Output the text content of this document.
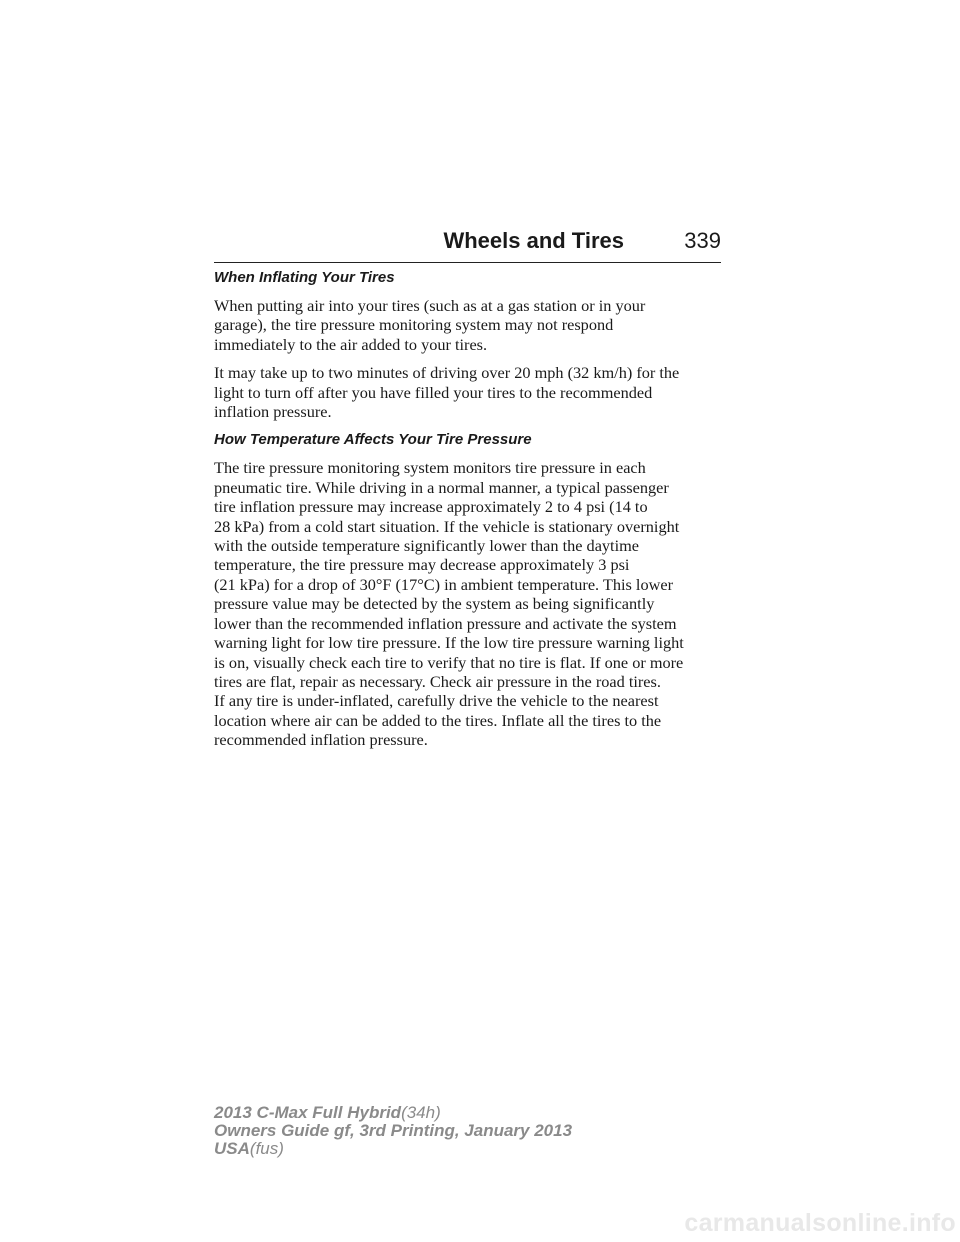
Wheels and Tires	339
When Inflating Your Tires

When putting air into your tires (such as at a gas station or in your
garage), the tire pressure monitoring system may not respond
immediately to the air added to your tires.

It may take up to two minutes of driving over 20 mph (32 km/h) for the
light to turn off after you have filled your tires to the recommended
inflation pressure.

How Temperature Affects Your Tire Pressure

The tire pressure monitoring system monitors tire pressure in each
pneumatic tire. While driving in a normal manner, a typical passenger
tire inflation pressure may increase approximately 2 to 4 psi (14 to
28 kPa) from a cold start situation. If the vehicle is stationary overnight
with the outside temperature significantly lower than the daytime
temperature, the tire pressure may decrease approximately 3 psi
(21 kPa) for a drop of 30°F (17°C) in ambient temperature. This lower
pressure value may be detected by the system as being significantly
lower than the recommended inflation pressure and activate the system
warning light for low tire pressure. If the low tire pressure warning light
is on, visually check each tire to verify that no tire is flat. If one or more
tires are flat, repair as necessary. Check air pressure in the road tires.
If any tire is under-inflated, carefully drive the vehicle to the nearest
location where air can be added to the tires. Inflate all the tires to the
recommended inflation pressure.

2013 C-Max Full Hybrid(34h)
Owners Guide gf, 3rd Printing, January 2013
USA(fus)
carmanualsonline.info
